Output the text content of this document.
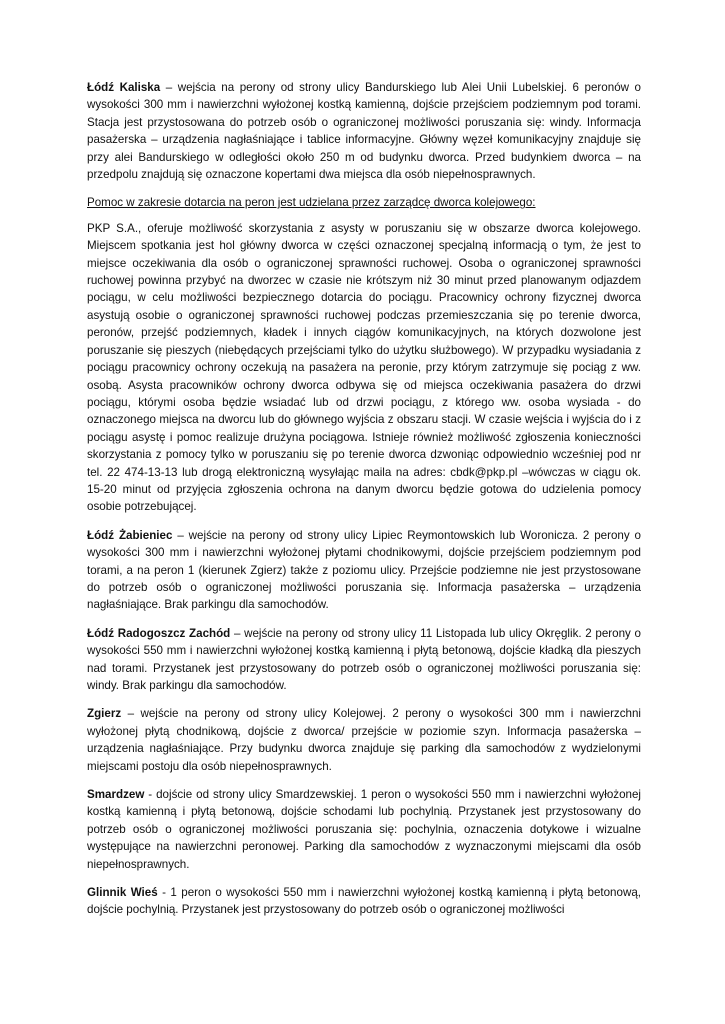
Łódź Kaliska – wejścia na perony od strony ulicy Bandurskiego lub Alei Unii Lubelskiej. 6 peronów o wysokości 300 mm i nawierzchni wyłożonej kostką kamienną, dojście przejściem podziemnym pod torami. Stacja jest przystosowana do potrzeb osób o ograniczonej możliwości poruszania się: windy. Informacja pasażerska – urządzenia nagłaśniające i tablice informacyjne. Główny węzeł komunikacyjny znajduje się przy alei Bandurskiego w odległości około 250 m od budynku dworca. Przed budynkiem dworca – na przedpolu znajdują się oznaczone kopertami dwa miejsca dla osób niepełnosprawnych.

Pomoc w zakresie dotarcia na peron jest udzielana przez zarządcę dworca kolejowego:

PKP S.A., oferuje możliwość skorzystania z asysty w poruszaniu się w obszarze dworca kolejowego. Miejscem spotkania jest hol główny dworca w części oznaczonej specjalną informacją o tym, że jest to miejsce oczekiwania dla osób o ograniczonej sprawności ruchowej. Osoba o ograniczonej sprawności ruchowej powinna przybyć na dworzec w czasie nie krótszym niż 30 minut przed planowanym odjazdem pociągu, w celu możliwości bezpiecznego dotarcia do pociągu. Pracownicy ochrony fizycznej dworca asystują osobie o ograniczonej sprawności ruchowej podczas przemieszczania się po terenie dworca, peronów, przejść podziemnych, kładek i innych ciągów komunikacyjnych, na których dozwolone jest poruszanie się pieszych (niebędących przejściami tylko do użytku służbowego). W przypadku wysiadania z pociągu pracownicy ochrony oczekują na pasażera na peronie, przy którym zatrzymuje się pociąg z ww. osobą. Asysta pracowników ochrony dworca odbywa się od miejsca oczekiwania pasażera do drzwi pociągu, którymi osoba będzie wsiadać lub od drzwi pociągu, z którego ww. osoba wysiada - do oznaczonego miejsca na dworcu lub do głównego wyjścia z obszaru stacji. W czasie wejścia i wyjścia do i z pociągu asystę i pomoc realizuje drużyna pociągowa. Istnieje również możliwość zgłoszenia konieczności skorzystania z pomocy tylko w poruszaniu się po terenie dworca dzwoniąc odpowiednio wcześniej pod nr tel. 22 474-13-13 lub drogą elektroniczną wysyłając maila na adres: cbdk@pkp.pl –wówczas w ciągu ok. 15-20 minut od przyjęcia zgłoszenia ochrona na danym dworcu będzie gotowa do udzielenia pomocy osobie potrzebującej.

Łódź Żabieniec – wejście na perony od strony ulicy Lipiec Reymontowskich lub Woronicza. 2 perony o wysokości 300 mm i nawierzchni wyłożonej płytami chodnikowymi, dojście przejściem podziemnym pod torami, a na peron 1 (kierunek Zgierz) także z poziomu ulicy. Przejście podziemne nie jest przystosowane do potrzeb osób o ograniczonej możliwości poruszania się. Informacja pasażerska – urządzenia nagłaśniające. Brak parkingu dla samochodów.

Łódź Radogoszcz Zachód – wejście na perony od strony ulicy 11 Listopada lub ulicy Okręglik. 2 perony o wysokości 550 mm i nawierzchni wyłożonej kostką kamienną i płytą betonową, dojście kładką dla pieszych nad torami. Przystanek jest przystosowany do potrzeb osób o ograniczonej możliwości poruszania się: windy. Brak parkingu dla samochodów.

Zgierz – wejście na perony od strony ulicy Kolejowej. 2 perony o wysokości 300 mm i nawierzchni wyłożonej płytą chodnikową, dojście z dworca/ przejście w poziomie szyn. Informacja pasażerska – urządzenia nagłaśniające. Przy budynku dworca znajduje się parking dla samochodów z wydzielonymi miejscami postoju dla osób niepełnosprawnych.

Smardzew - dojście od strony ulicy Smardzewskiej. 1 peron o wysokości 550 mm i nawierzchni wyłożonej kostką kamienną i płytą betonową, dojście schodami lub pochylnią. Przystanek jest przystosowany do potrzeb osób o ograniczonej możliwości poruszania się: pochylnia, oznaczenia dotykowe i wizualne występujące na nawierzchni peronowej. Parking dla samochodów z wyznaczonymi miejscami dla osób niepełnosprawnych.

Glinnik Wieś - 1 peron o wysokości 550 mm i nawierzchni wyłożonej kostką kamienną i płytą betonową, dojście pochylnią. Przystanek jest przystosowany do potrzeb osób o ograniczonej możliwości
